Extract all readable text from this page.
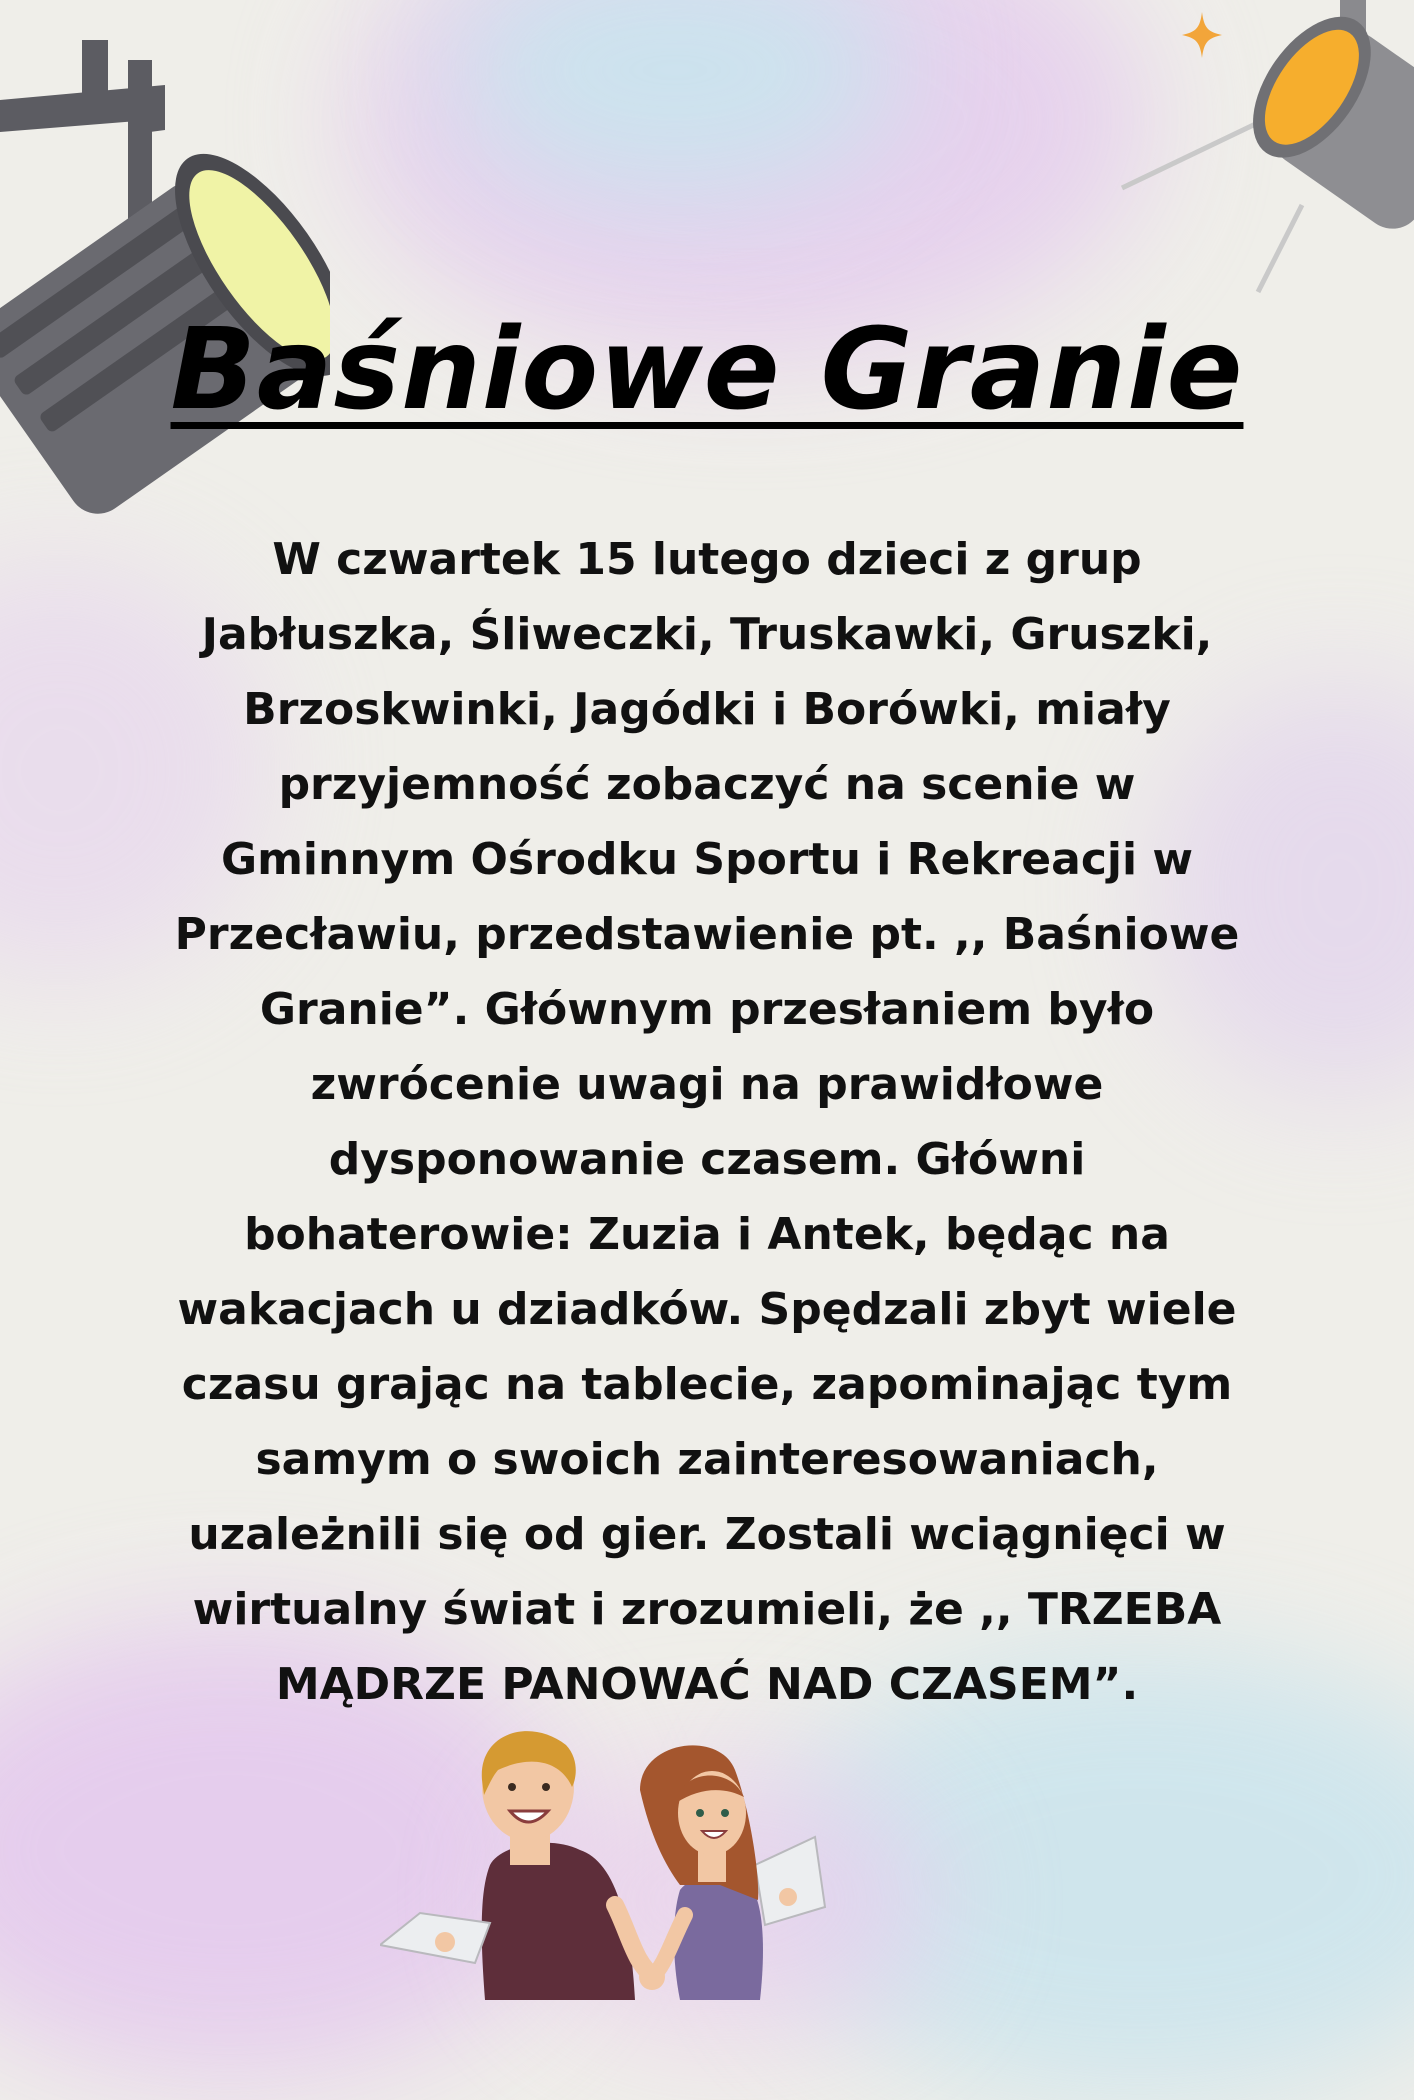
Baśniowe Granie
W czwartek 15 lutego dzieci z grup
Jabłuszka, Śliweczki, Truskawki, Gruszki,
Brzoskwinki, Jagódki i Borówki, miały
przyjemność zobaczyć na scenie w
Gminnym Ośrodku Sportu i Rekreacji w
Przecławiu, przedstawienie pt. ,, Baśniowe
Granie”. Głównym przesłaniem było
zwrócenie uwagi na prawidłowe
dysponowanie czasem. Główni
bohaterowie: Zuzia i Antek, będąc na
wakacjach u dziadków. Spędzali zbyt wiele
czasu grając na tablecie, zapominając tym
samym o swoich zainteresowaniach,
uzależnili się od gier. Zostali wciągnięci w
wirtualny świat i zrozumieli, że ,, TRZEBA
MĄDRZE PANOWAĆ NAD CZASEM”.
